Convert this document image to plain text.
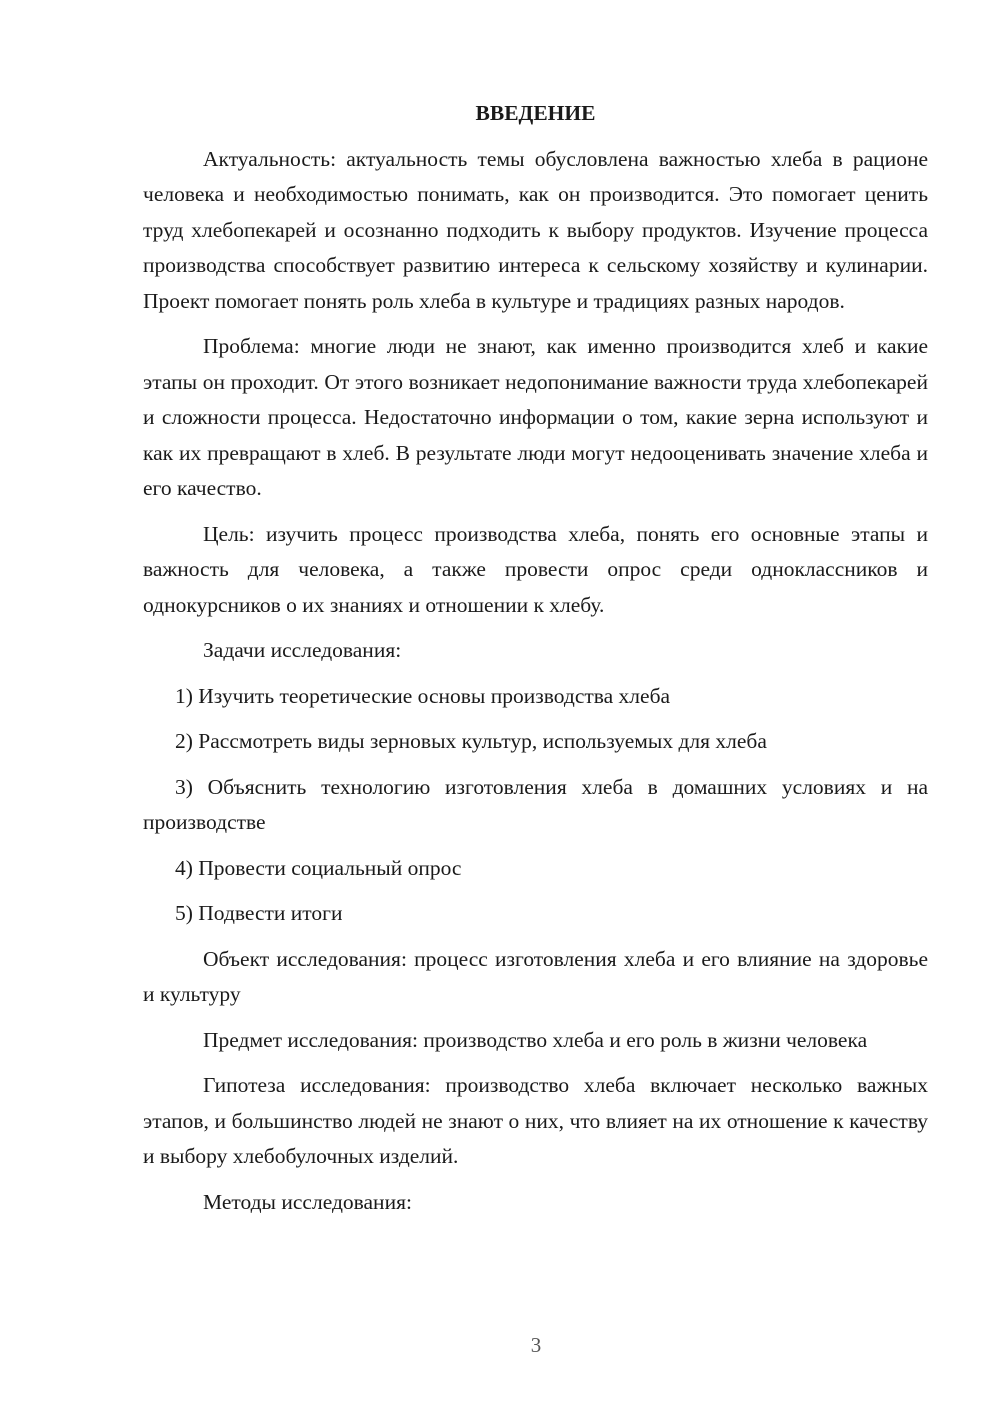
ВВЕДЕНИЕ

Актуальность: актуальность темы обусловлена важностью хлеба в рационе человека и необходимостью понимать, как он производится. Это помогает ценить труд хлебопекарей и осознанно подходить к выбору продуктов. Изучение процесса производства способствует развитию интереса к сельскому хозяйству и кулинарии. Проект помогает понять роль хлеба в культуре и традициях разных народов.

Проблема: многие люди не знают, как именно производится хлеб и какие этапы он проходит. От этого возникает недопонимание важности труда хлебопекарей и сложности процесса. Недостаточно информации о том, какие зерна используют и как их превращают в хлеб. В результате люди могут недооценивать значение хлеба и его качество.

Цель: изучить процесс производства хлеба, понять его основные этапы и важность для человека, а также провести опрос среди одноклассников и однокурсников о их знаниях и отношении к хлебу.

Задачи исследования:

1) Изучить теоретические основы производства хлеба

2) Рассмотреть виды зерновых культур, используемых для хлеба

3) Объяснить технологию изготовления хлеба в домашних условиях и на производстве

4) Провести социальный опрос

5) Подвести итоги

Объект исследования: процесс изготовления хлеба и его влияние на здоровье и культуру

Предмет исследования: производство хлеба и его роль в жизни человека

Гипотеза исследования: производство хлеба включает несколько важных этапов, и большинство людей не знают о них, что влияет на их отношение к качеству и выбору хлебобулочных изделий.

Методы исследования:

3
